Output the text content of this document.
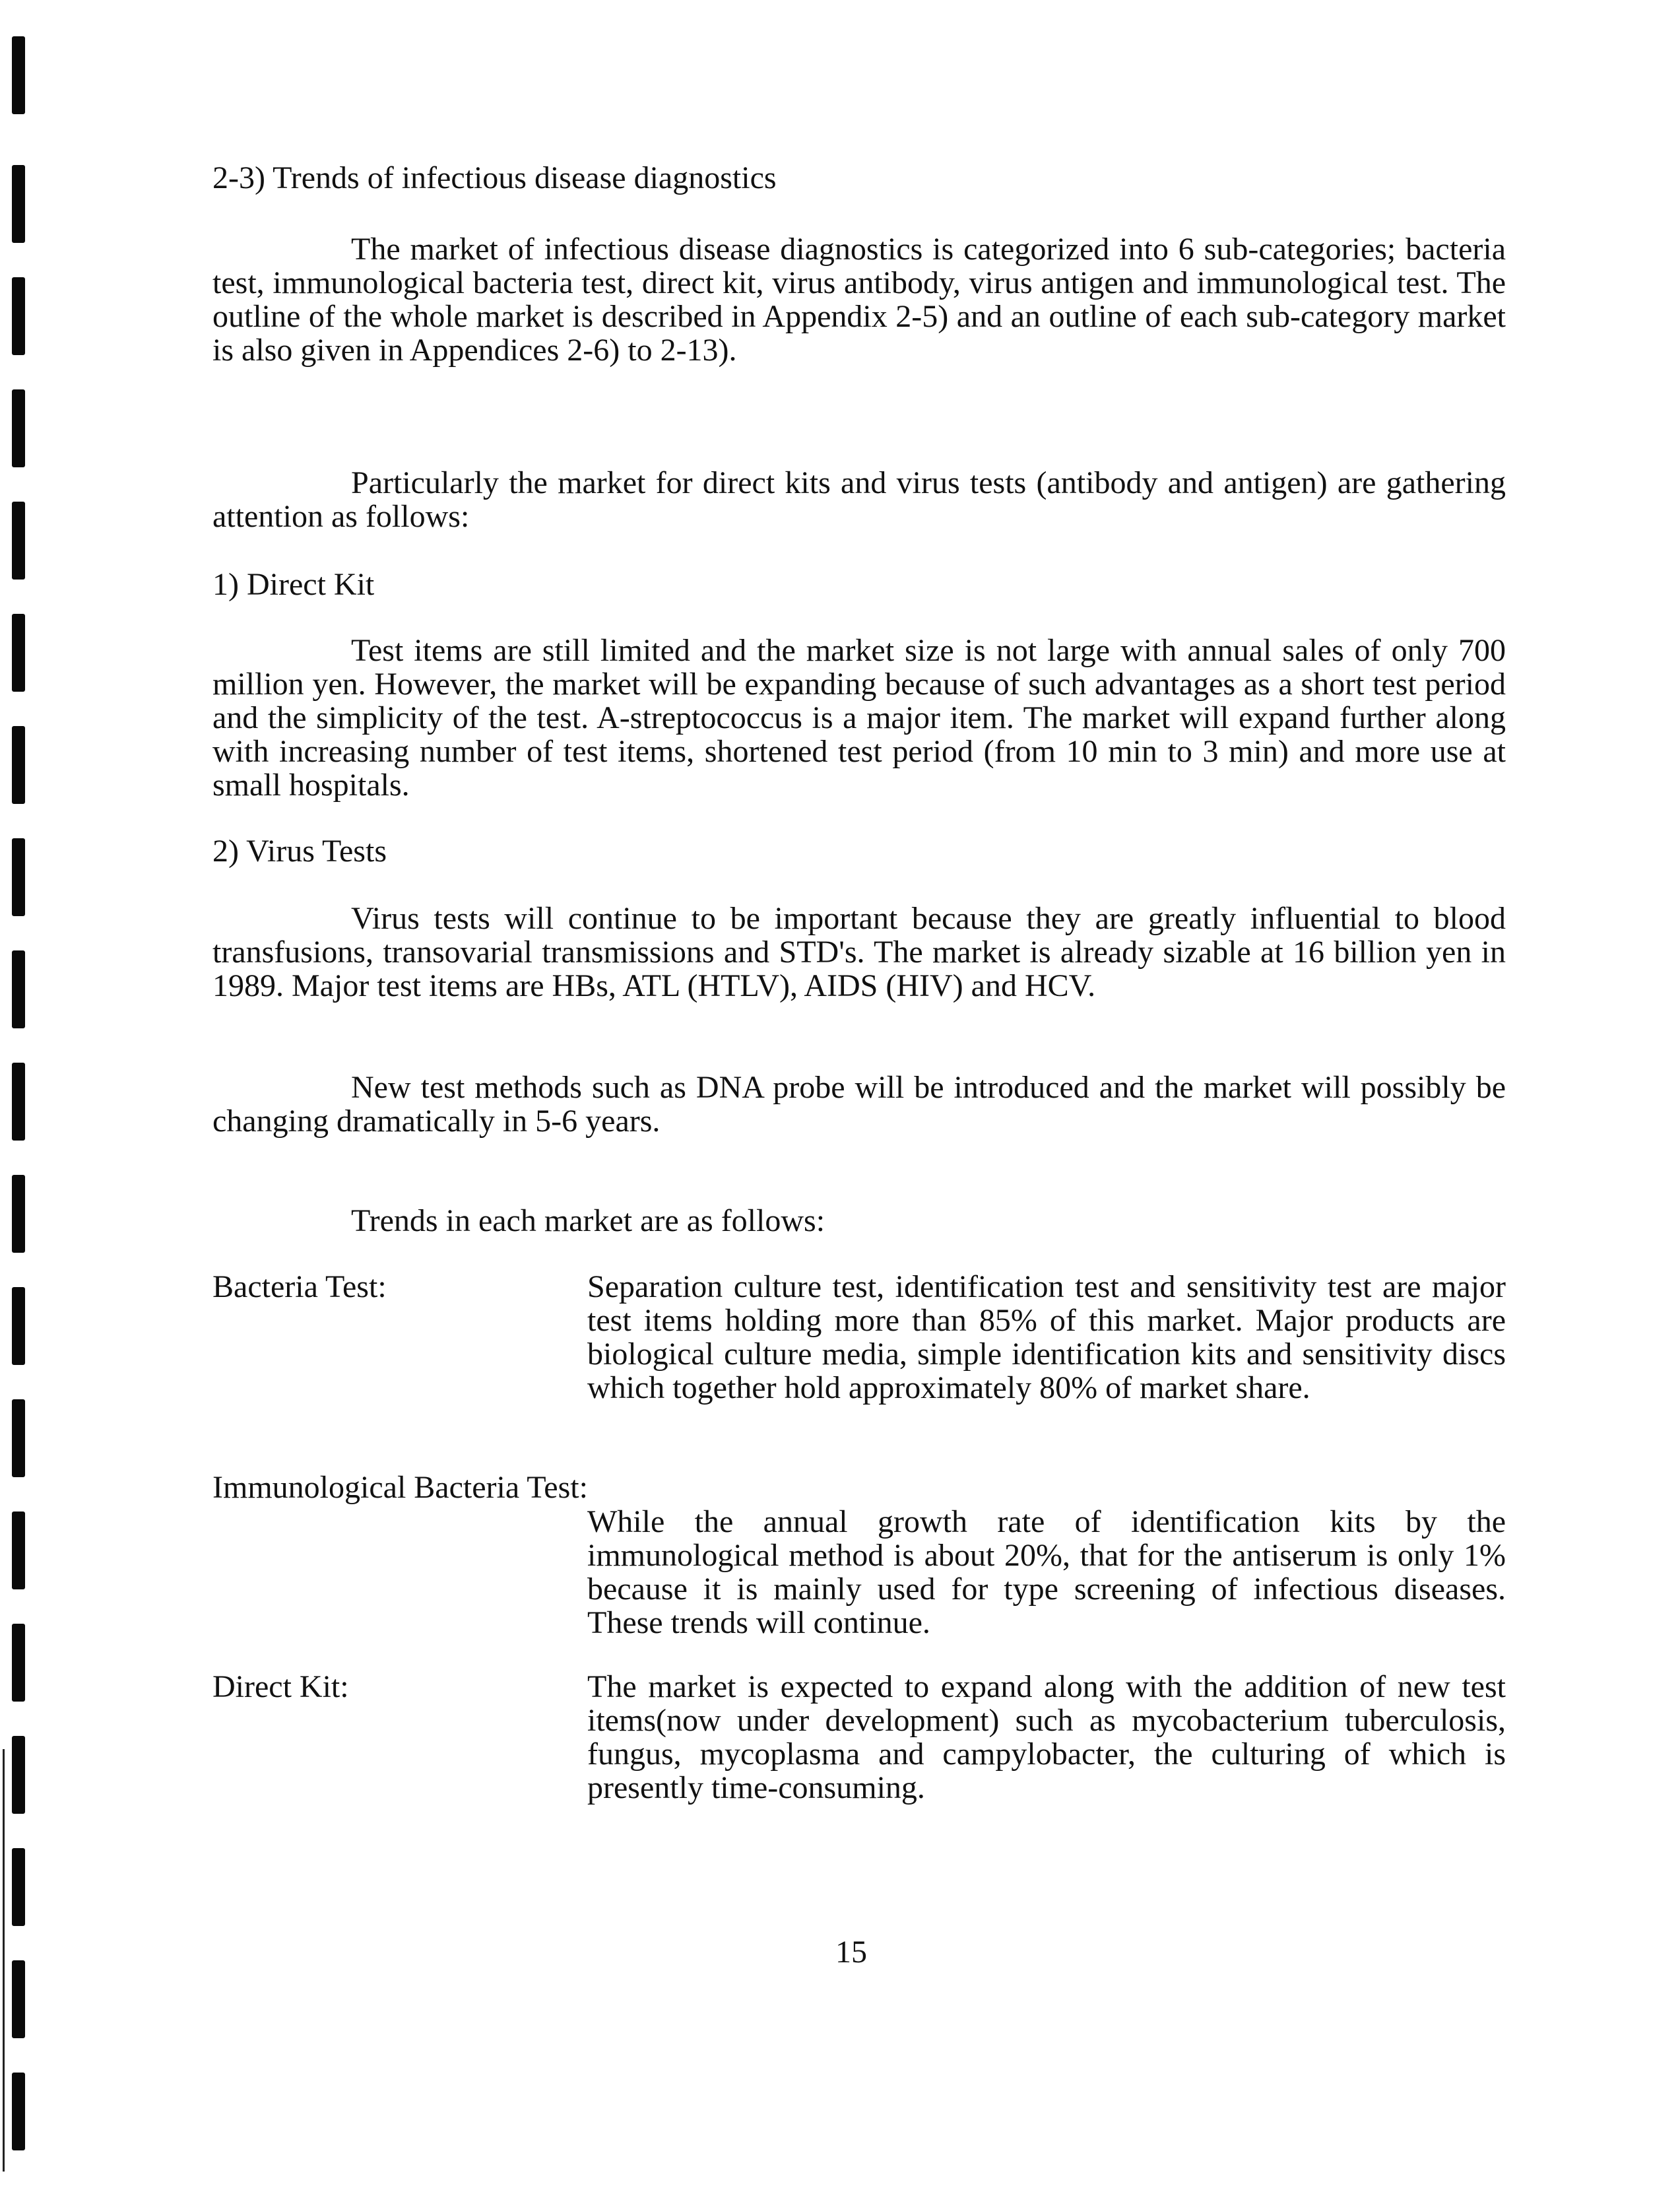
2-3) Trends of infectious disease diagnostics

The market of infectious disease diagnostics is categorized into 6 sub-categories; bacteria test, immunological bacteria test, direct kit, virus antibody, virus antigen and immunological test. The outline of the whole market is described in Appendix 2-5) and an outline of each sub-category market is also given in Appendices 2-6) to 2-13).

Particularly the market for direct kits and virus tests (antibody and antigen) are gathering attention as follows:

1) Direct Kit

Test items are still limited and the market size is not large with annual sales of only 700 million yen. However, the market will be expanding because of such advantages as a short test period and the simplicity of the test. A-streptococcus is a major item. The market will expand further along with increasing number of test items, shortened test period (from 10 min to 3 min) and more use at small hospitals.

2) Virus Tests

Virus tests will continue to be important because they are greatly influential to blood transfusions, transovarial transmissions and STD's. The market is already sizable at 16 billion yen in 1989. Major test items are HBs, ATL (HTLV), AIDS (HIV) and HCV.

New test methods such as DNA probe will be introduced and the market will possibly be changing dramatically in 5-6 years.

Trends in each market are as follows:

Bacteria Test:	Separation culture test, identification test and sensitivity test are major test items holding more than 85% of this market. Major products are biological culture media, simple identification kits and sensitivity discs which together hold approximately 80% of market share.
Immunological Bacteria Test:
While the annual growth rate of identification kits by the immunological method is about 20%, that for the antiserum is only 1% because it is mainly used for type screening of infectious diseases. These trends will continue.
Direct Kit:	The market is expected to expand along with the addition of new test items(now under development) such as mycobacterium tuberculosis, fungus, mycoplasma and campylobacter, the culturing of which is presently time-consuming.
15
